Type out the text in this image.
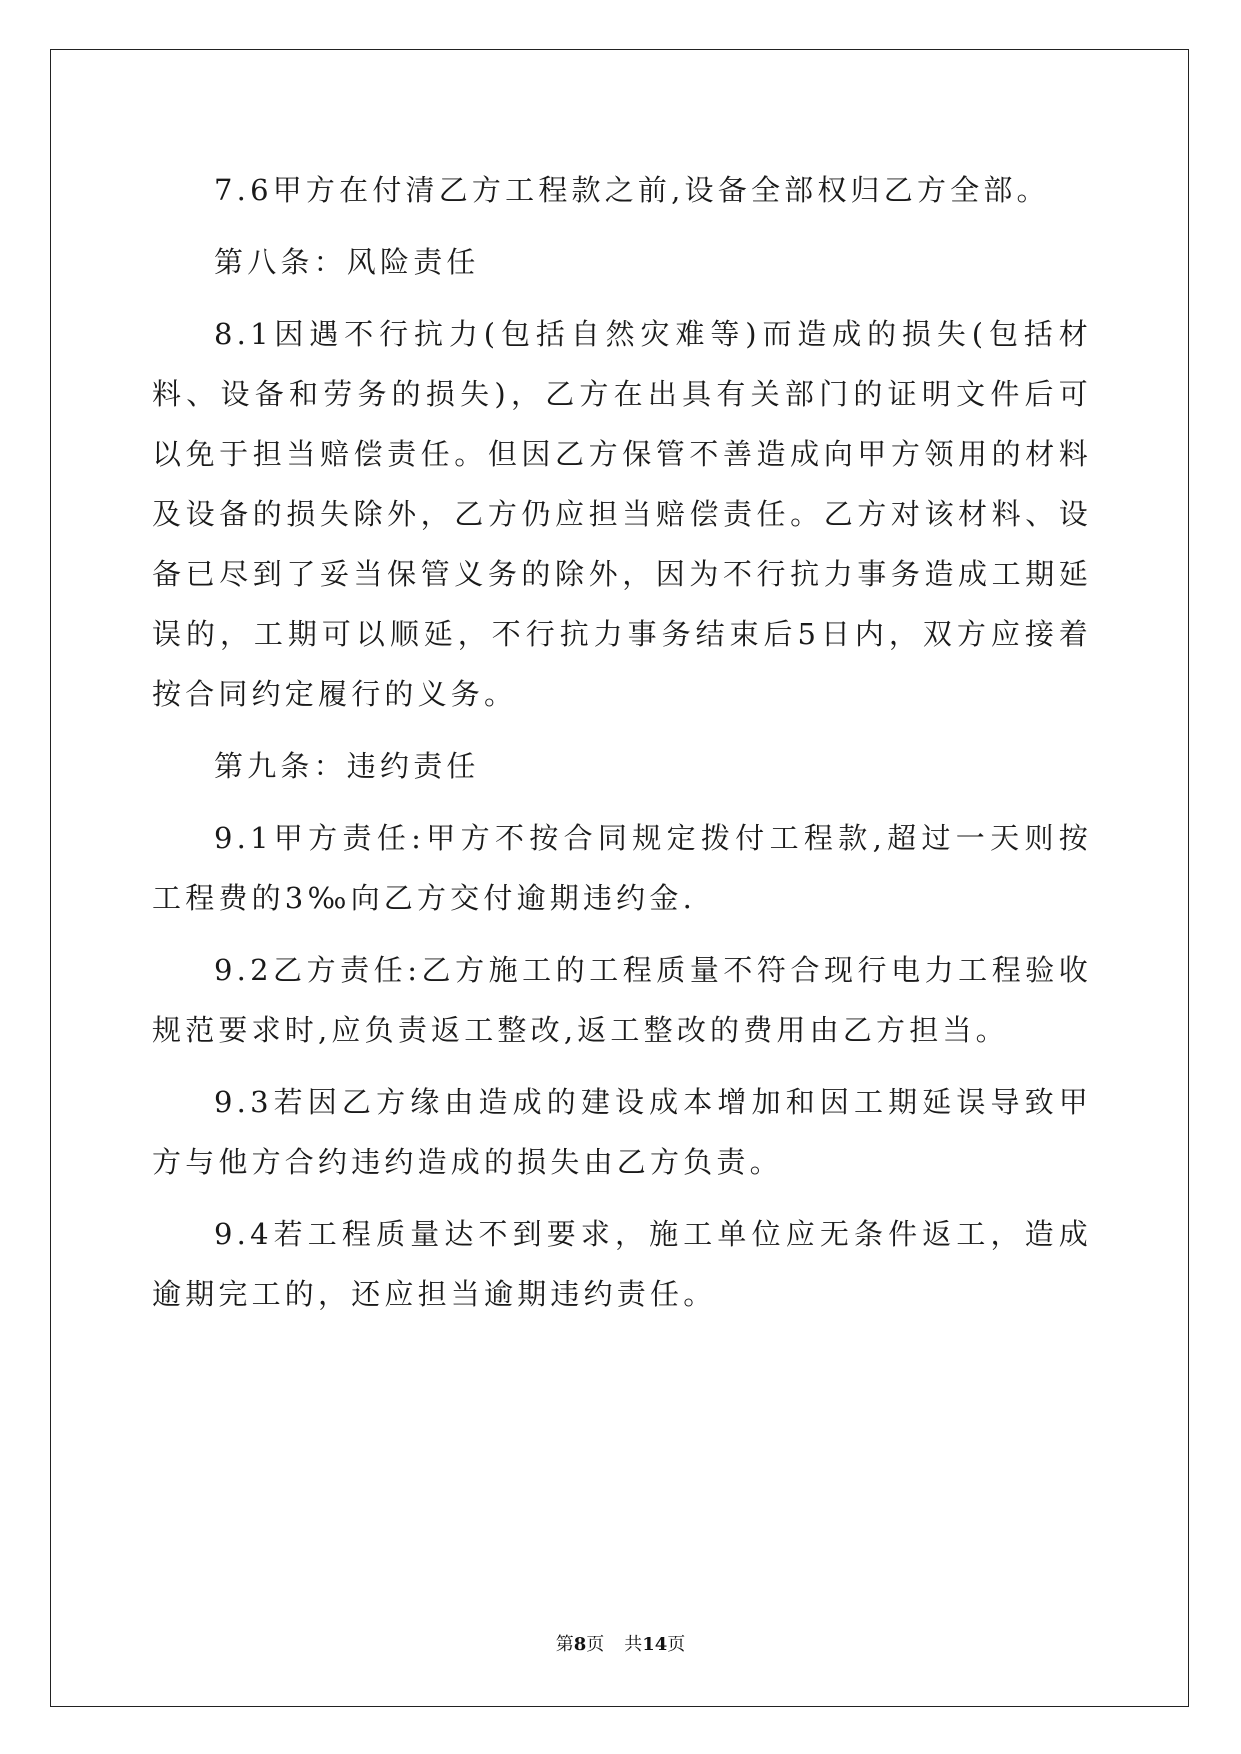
7.6甲方在付清乙方工程款之前,设备全部权归乙方全部。

第八条：风险责任

8.1因遇不行抗力(包括自然灾难等)而造成的损失(包括材料、设备和劳务的损失)，乙方在出具有关部门的证明文件后可以免于担当赔偿责任。但因乙方保管不善造成向甲方领用的材料及设备的损失除外，乙方仍应担当赔偿责任。乙方对该材料、设备已尽到了妥当保管义务的除外，因为不行抗力事务造成工期延误的，工期可以顺延，不行抗力事务结束后5日内，双方应接着按合同约定履行的义务。

第九条：违约责任

9.1甲方责任:甲方不按合同规定拨付工程款,超过一天则按工程费的3‰向乙方交付逾期违约金.

9.2乙方责任:乙方施工的工程质量不符合现行电力工程验收规范要求时,应负责返工整改,返工整改的费用由乙方担当。

9.3若因乙方缘由造成的建设成本增加和因工期延误导致甲方与他方合约违约造成的损失由乙方负责。

9.4若工程质量达不到要求，施工单位应无条件返工，造成逾期完工的，还应担当逾期违约责任。

第8页 共14页
